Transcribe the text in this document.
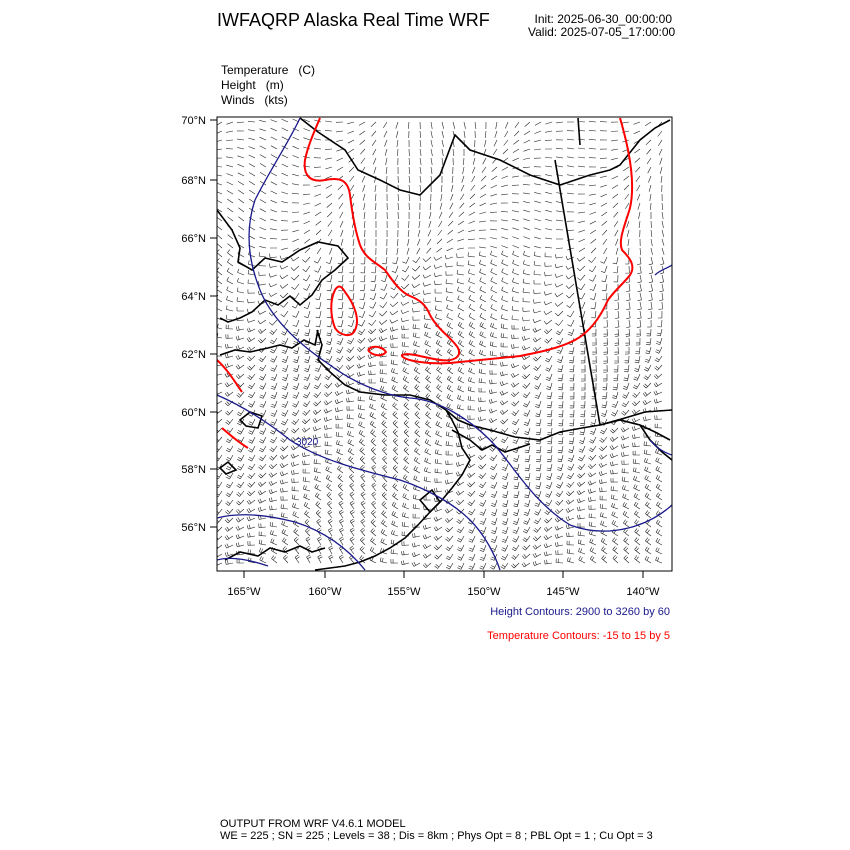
IWFAQRP Alaska Real Time WRF	Init: 2025-06-30_00:00:00
Valid: 2025-07-05_17:00:00
Temperature (C)
Height (m)
Winds (kts)
70°N
68°N
66°N
64°N
62°N
60°N
58°N
56°N
165°W	160°W	155°W	150°W	145°W	140°W
3020
Height Contours: 2900 to 3260 by 60
Temperature Contours: -15 to 15 by 5
OUTPUT FROM WRF V4.6.1 MODEL
WE = 225 ; SN = 225 ; Levels = 38 ; Dis = 8km ; Phys Opt = 8 ; PBL Opt = 1 ; Cu Opt = 3
